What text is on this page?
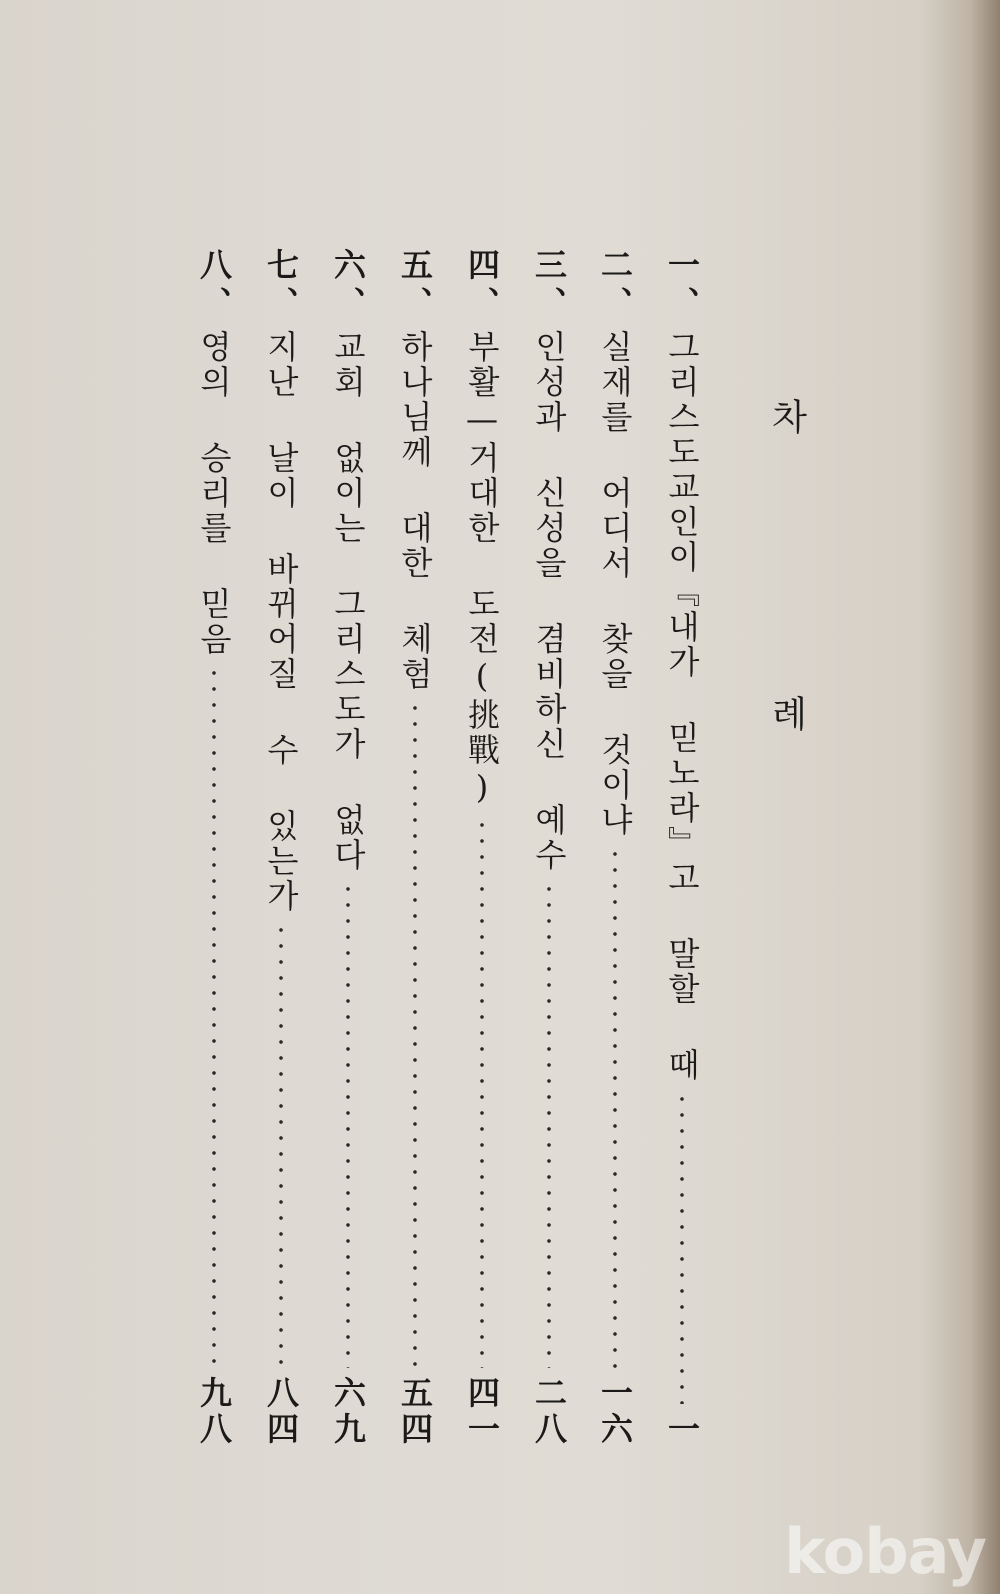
차 례
一、
그리스도교인이『내가 믿노라』고 말할 때
一
二、
실재를 어디서 찾을 것이냐
一六
三、
인성과 신성을 겸비하신 예수
二八
四、
부활—거대한 도전(挑戰)
四一
五、
하나님께 대한 체험
五四
六、
교회 없이는 그리스도가 없다
六九
七、
지난 날이 바뀌어질 수 있는가
八四
八、
영의 승리를 믿음
九八
kobay
